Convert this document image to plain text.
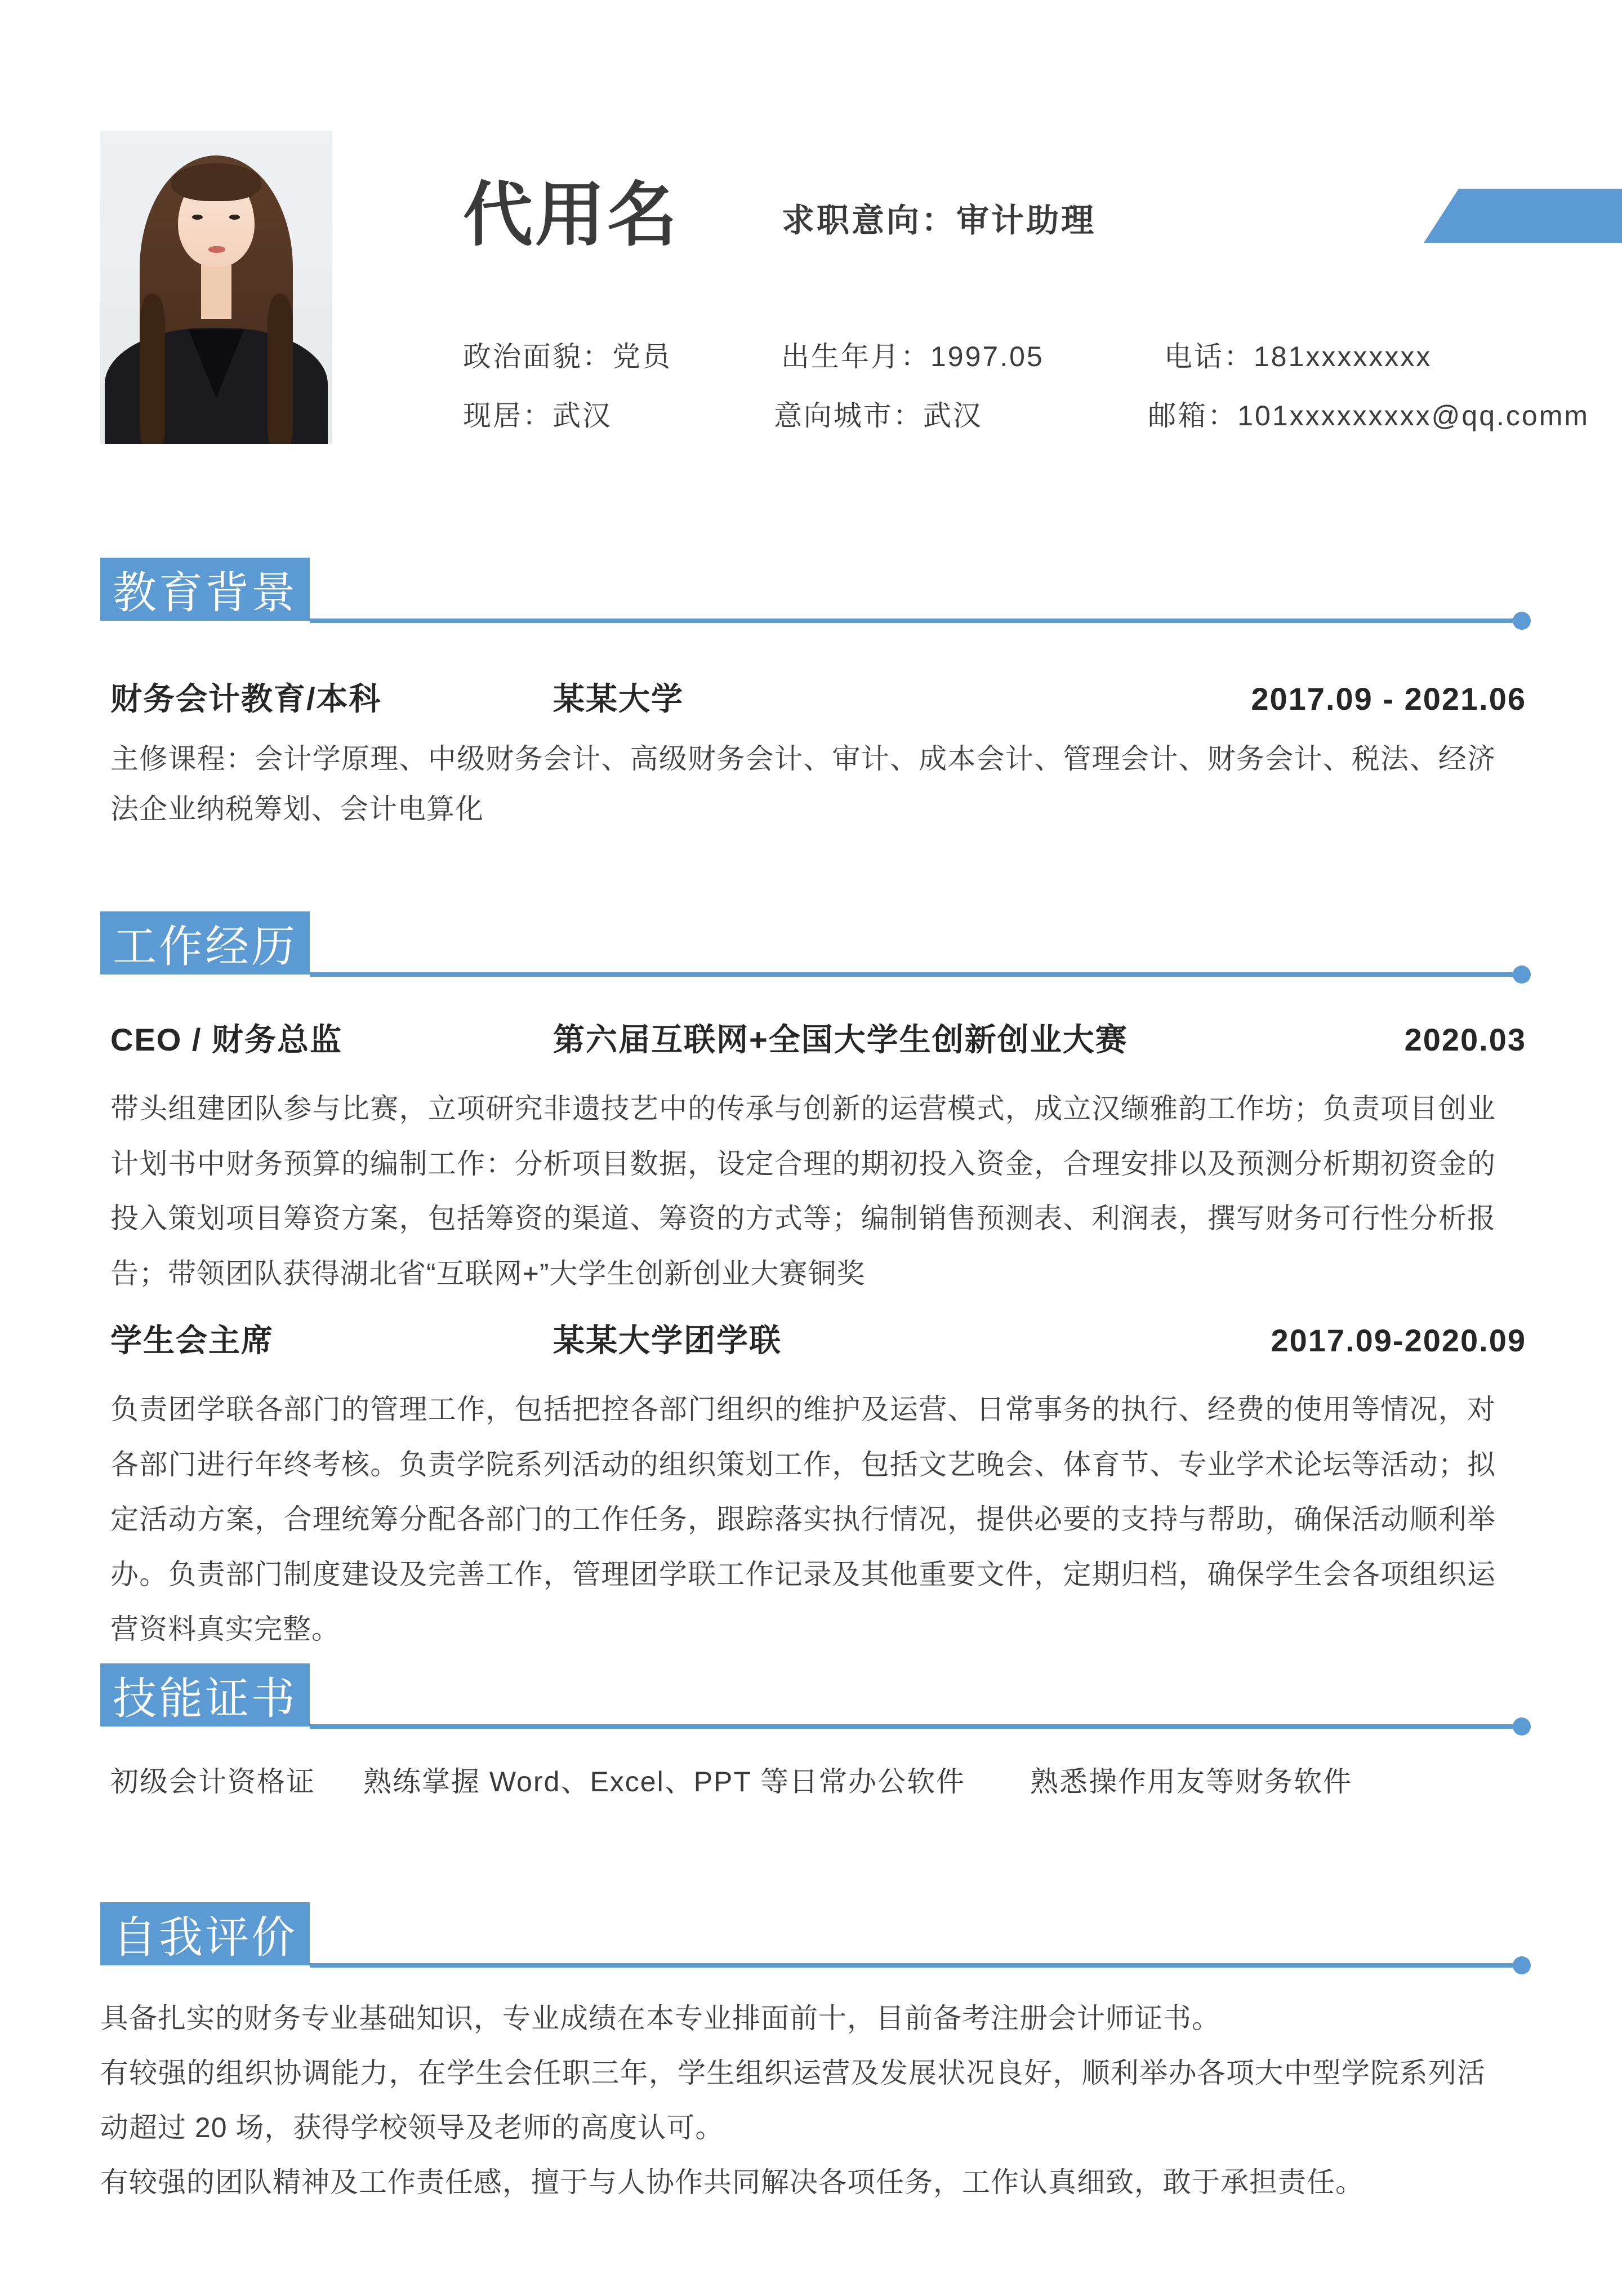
代用名	求职意向：审计助理
政治面貌：党员	出生年月：1997.05	电话：181xxxxxxxx
现居：武汉	意向城市：武汉	邮箱：101xxxxxxxxx@qq.comm
教育背景
财务会计教育/本科	某某大学	2017.09 - 2021.06
主修课程：会计学原理、中级财务会计、高级财务会计、审计、成本会计、管理会计、财务会计、税法、经济法企业纳税筹划、会计电算化
工作经历
CEO / 财务总监	第六届互联网+全国大学生创新创业大赛	2020.03
带头组建团队参与比赛，立项研究非遗技艺中的传承与创新的运营模式，成立汉缬雅韵工作坊；负责项目创业计划书中财务预算的编制工作：分析项目数据，设定合理的期初投入资金，合理安排以及预测分析期初资金的投入策划项目筹资方案，包括筹资的渠道、筹资的方式等；编制销售预测表、利润表，撰写财务可行性分析报告；带领团队获得湖北省“互联网+”大学生创新创业大赛铜奖
学生会主席	某某大学团学联	2017.09-2020.09
负责团学联各部门的管理工作，包括把控各部门组织的维护及运营、日常事务的执行、经费的使用等情况，对各部门进行年终考核。负责学院系列活动的组织策划工作，包括文艺晚会、体育节、专业学术论坛等活动；拟定活动方案，合理统筹分配各部门的工作任务，跟踪落实执行情况，提供必要的支持与帮助，确保活动顺利举办。负责部门制度建设及完善工作，管理团学联工作记录及其他重要文件，定期归档，确保学生会各项组织运营资料真实完整。
技能证书
初级会计资格证 熟练掌握 Word、Excel、PPT 等日常办公软件 熟悉操作用友等财务软件
自我评价

具备扎实的财务专业基础知识，专业成绩在本专业排面前十，目前备考注册会计师证书。

有较强的组织协调能力，在学生会任职三年，学生组织运营及发展状况良好，顺利举办各项大中型学院系列活动超过 20 场，获得学校领导及老师的高度认可。

有较强的团队精神及工作责任感，擅于与人协作共同解决各项任务，工作认真细致，敢于承担责任。
